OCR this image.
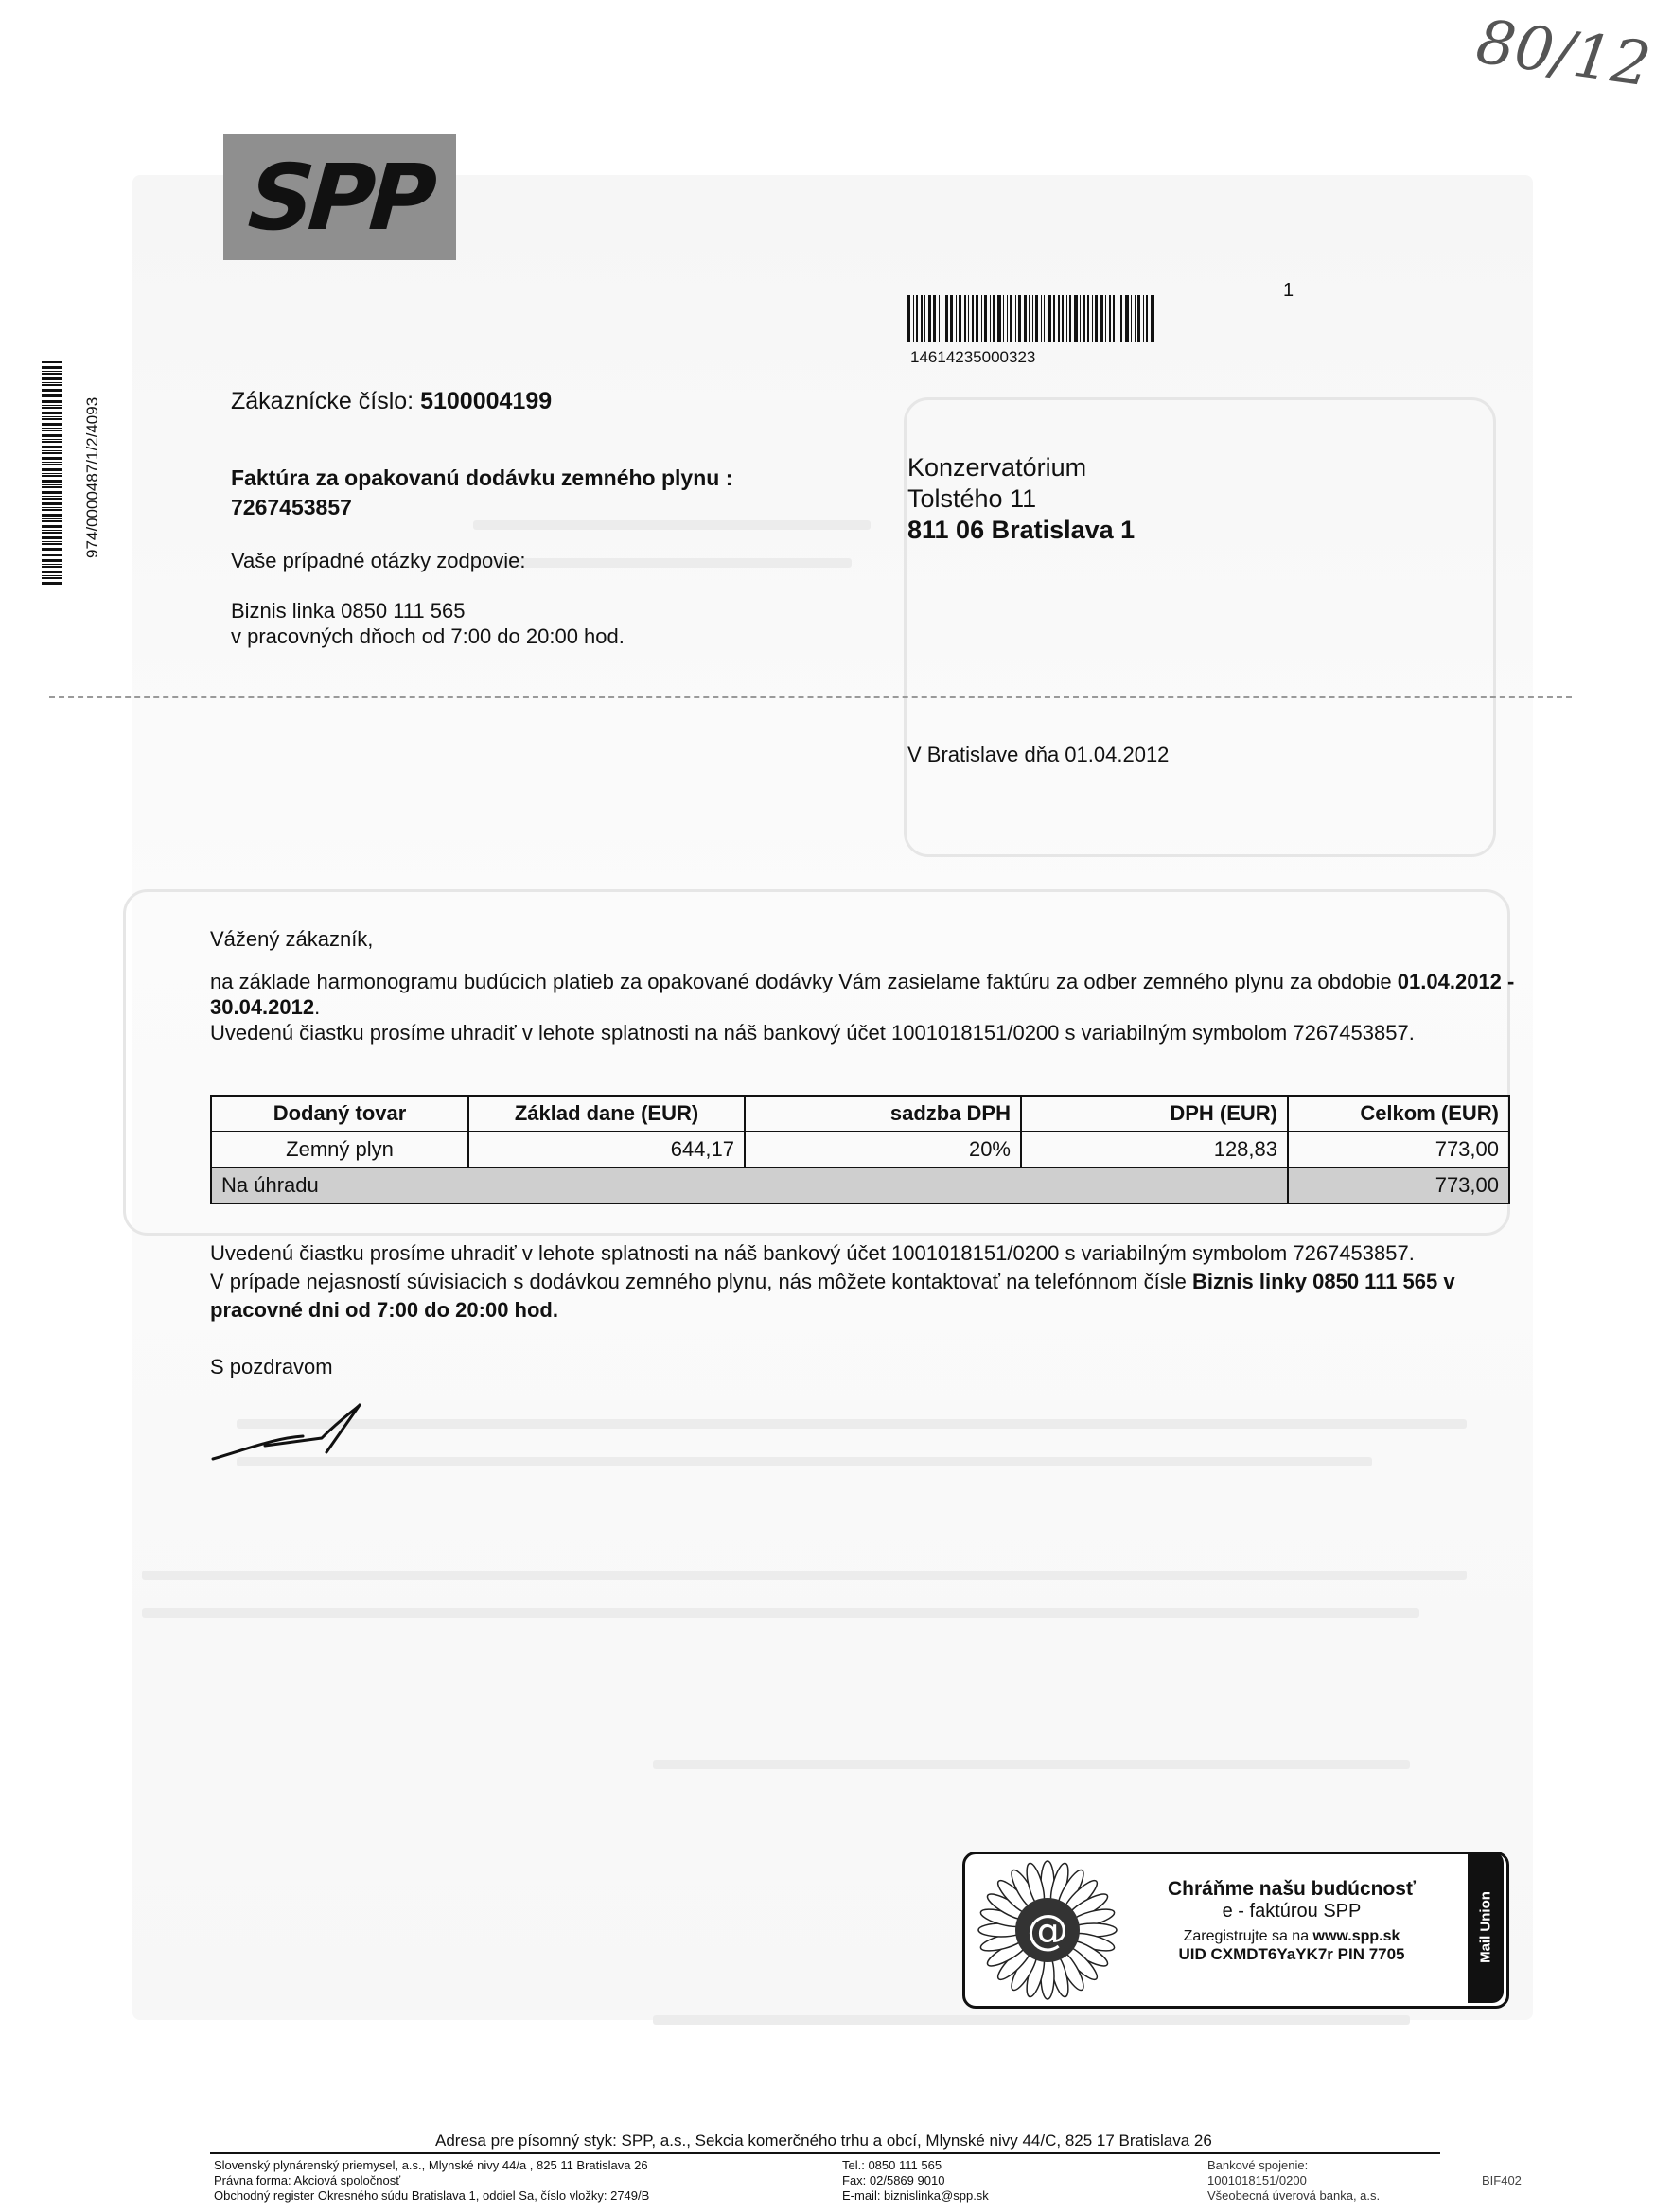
80/12
SPP
974/0000487/1/2/4093
1
14614235000323
Zákaznícke číslo: 5100004199
Faktúra za opakovanú dodávku zemného plynu :
7267453857
Vaše prípadné otázky zodpovie:
Biznis linka 0850 111 565
v pracovných dňoch od 7:00 do 20:00 hod.
Konzervatórium
Tolstého 11
811 06 Bratislava 1
V Bratislave dňa 01.04.2012
Vážený zákazník,
na základe harmonogramu budúcich platieb za opakované dodávky Vám zasielame faktúru za odber zemného plynu za obdobie 01.04.2012 - 30.04.2012.
Uvedenú čiastku prosíme uhradiť v lehote splatnosti na náš bankový účet 1001018151/0200 s variabilným symbolom 7267453857.
Dodaný tovar	Základ dane (EUR)	sadzba DPH	DPH (EUR)	Celkom (EUR)
Zemný plyn	644,17	20%	128,83	773,00
Na úhradu				773,00
Uvedenú čiastku prosíme uhradiť v lehote splatnosti na náš bankový účet 1001018151/0200 s variabilným symbolom 7267453857.
V prípade nejasností súvisiacich s dodávkou zemného plynu, nás môžete kontaktovať na telefónnom čísle Biznis linky 0850 111 565 v pracovné dni od 7:00 do 20:00 hod.
S pozdravom
@
Chráňme našu budúcnosť
e - faktúrou SPP
Zaregistrujte sa na www.spp.sk
UID CXMDT6YaYK7r PIN 7705	Mail Union
Adresa pre písomný styk: SPP, a.s., Sekcia komerčného trhu a obcí, Mlynské nivy 44/C, 825 17 Bratislava 26
Slovenský plynárenský priemysel, a.s., Mlynské nivy 44/a , 825 11 Bratislava 26
Právna forma: Akciová spoločnosť
Obchodný register Okresného súdu Bratislava 1, oddiel Sa, číslo vložky: 2749/B
Tel.: 0850 111 565
Fax: 02/5869 9010
E-mail: biznislinka@spp.sk
Bankové spojenie:
1001018151/0200
Všeobecná úverová banka, a.s.
BIF402
